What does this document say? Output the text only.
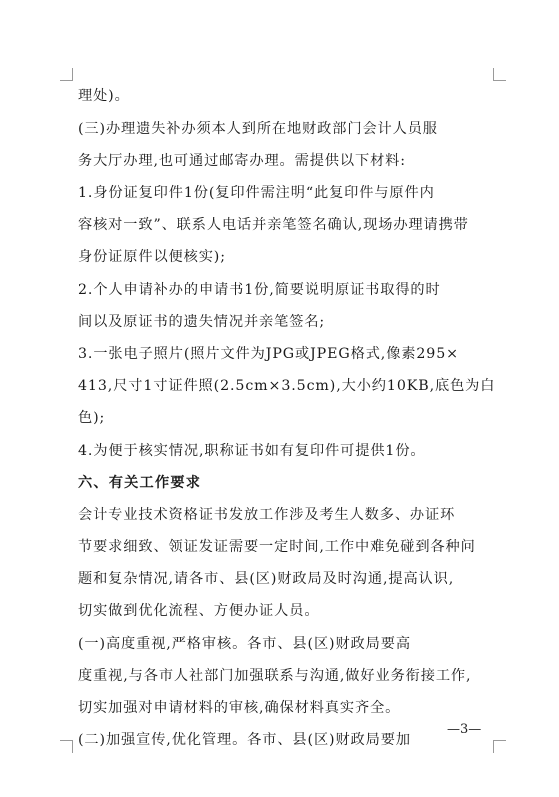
理处)。
(三)办理遗失补办须本人到所在地财政部门会计人员服
务大厅办理,也可通过邮寄办理。需提供以下材料:
1.身份证复印件1份(复印件需注明“此复印件与原件内
容核对一致”、联系人电话并亲笔签名确认,现场办理请携带
身份证原件以便核实);
2.个人申请补办的申请书1份,简要说明原证书取得的时
间以及原证书的遗失情况并亲笔签名;
3.一张电子照片(照片文件为JPG或JPEG格式,像素295×
413,尺寸1寸证件照(2.5cm×3.5cm),大小约10KB,底色为白
色);
4.为便于核实情况,职称证书如有复印件可提供1份。
六、有关工作要求
会计专业技术资格证书发放工作涉及考生人数多、办证环
节要求细致、领证发证需要一定时间,工作中难免碰到各种问
题和复杂情况,请各市、县(区)财政局及时沟通,提高认识,
切实做到优化流程、方便办证人员。
(一)高度重视,严格审核。各市、县(区)财政局要高
度重视,与各市人社部门加强联系与沟通,做好业务衔接工作,
切实加强对申请材料的审核,确保材料真实齐全。
(二)加强宣传,优化管理。各市、县(区)财政局要加
—3—
